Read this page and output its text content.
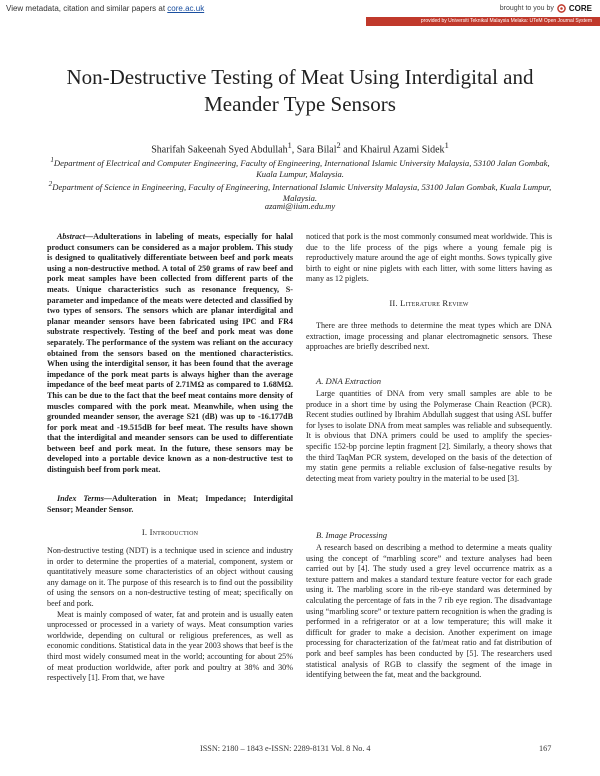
View metadata, citation and similar papers at core.ac.uk	brought to you by CORE
provided by Universiti Teknikal Malaysia Melaka: UTeM Open Journal System
Non-Destructive Testing of Meat Using Interdigital and Meander Type Sensors
Sharifah Sakeenah Syed Abdullah$^1$, Sara Bilal$^2$ and Khairul Azami Sidek$^1$
$^1$Department of Electrical and Computer Engineering, Faculty of Engineering, International Islamic University Malaysia, 53100 Jalan Gombak, Kuala Lumpur, Malaysia.
$^2$Department of Science in Engineering, Faculty of Engineering, International Islamic University Malaysia, 53100 Jalan Gombak, Kuala Lumpur, Malaysia.
azami@iium.edu.my

Abstract—Adulterations in labeling of meats, especially for halal product consumers can be considered as a major problem. This study is designed to qualitatively differentiate between beef and pork meats using a non-destructive method. A total of 250 grams of raw beef and pork meat samples have been collected from different parts of the meats. Unique characteristics such as resonance frequency, S-parameter and impedance of the meats were detected and classified by two types of sensors. The sensors which are planar interdigital and planar meander sensors have been fabricated using IPC and FR4 substrate respectively. Testing of the beef and pork meat was done separately. The performance of the system was reliant on the accuracy obtained from the sensors based on the mentioned characteristics. When using the interdigital sensor, it has been found that the average impedance of the pork meat parts is always higher than the average impedance of the beef meat parts of 2.71MΩ as compared to 1.68MΩ. This can be due to the fact that the beef meat contains more density of muscles compared with the pork meat. Meanwhile, when using the grounded meander sensor, the average S21 (dB) was up to -16.177dB for pork meat and -19.515dB for beef meat. The results have shown that the interdigital and meander sensors can be used to differentiate between beef and pork meat. In the future, these sensors may be developed into a portable device known as a non-destructive test to distinguish beef from pork meat.

Index Terms—Adulteration in Meat; Impedance; Interdigital Sensor; Meander Sensor.

I. Introduction

Non-destructive testing (NDT) is a technique used in science and industry in order to determine the properties of a material, component, system or quantitatively measure some characteristics of an object without causing any damage on it. The purpose of this research is to find out the possibility of using the sensors on a non-destructive testing of meat; specifically on beef and pork.

Meat is mainly composed of water, fat and protein and is usually eaten unprocessed or processed in a variety of ways. Meat consumption varies worldwide, depending on cultural or religious preferences, as well as economic conditions. Statistical data in the year 2003 shows that beef is the third most widely consumed meat in the world; accounting for about 25% of meat production worldwide, after pork and poultry at 38% and 30% respectively [1]. From that, we have

noticed that pork is the most commonly consumed meat worldwide. This is due to the life process of the pigs where a young female pig is reproductively mature around the age of eight months. Sows typically give birth to eight or nine piglets with each litter, with some litters having as many as 12 piglets.

II. Literature Review

There are three methods to determine the meat types which are DNA extraction, image processing and planar electromagnetic sensors. These approaches are briefly described next.

A. DNA Extraction

Large quantities of DNA from very small samples are able to be produce in a short time by using the Polymerase Chain Reaction (PCR). Recent studies outlined by Ibrahim Abdullah suggest that using ASL buffer for lyses to isolate DNA from meat samples was reliable and subsequently. It is obvious that DNA primers could be used to amplify the species-specific 152-bp porcine leptin fragment [2]. Similarly, a theory shows that the third TaqMan PCR system, developed on the basis of the detection of my statin gene permits a reliable exclusion of false-negative results by detecting meat from variety poultry in the material to be used [3].

B. Image Processing

A research based on describing a method to determine a meats quality using the concept of “marbling score” and texture analyses had been carried out by [4]. The study used a grey level occurrence matrix as a texture pattern and makes a standard texture feature vector for each grade using it. The marbling score in the rib-eye standard was determined by calculating the percentage of fats in the 7 rib eye region. The disadvantage using “marbling score” or texture pattern recognition is when the grading is performed in a refrigerator or at a low temperature; this will make it difficult for grader to make a decision. Another experiment on image processing for characterization of the fat/meat ratio and fat distribution of pork and beef samples has been conducted by [5]. The researchers used statistical analysis of RGB to classify the segment of the image in identifying between the fat, meat and the background.

ISSN: 2180 – 1843 e-ISSN: 2289-8131 Vol. 8 No. 4	167
